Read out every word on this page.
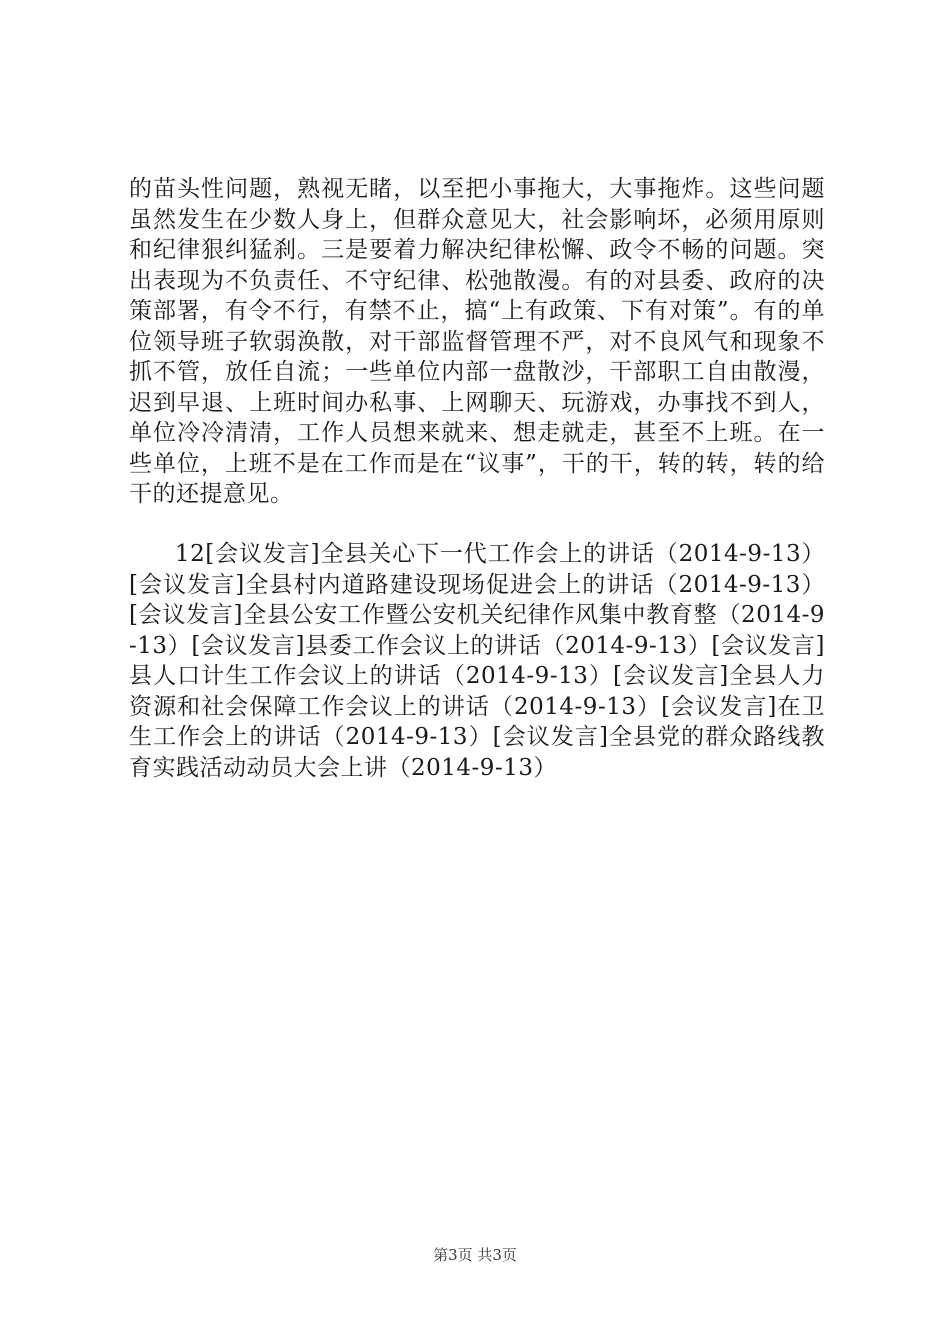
的苗头性问题，熟视无睹，以至把小事拖大，大事拖炸。这些问题虽然发生在少数人身上，但群众意见大，社会影响坏，必须用原则和纪律狠纠猛刹。三是要着力解决纪律松懈、政令不畅的问题。突出表现为不负责任、不守纪律、松弛散漫。有的对县委、政府的决策部署，有令不行，有禁不止，搞“上有政策、下有对策”。有的单位领导班子软弱涣散，对干部监督管理不严，对不良风气和现象不抓不管，放任自流；一些单位内部一盘散沙，干部职工自由散漫，迟到早退、上班时间办私事、上网聊天、玩游戏，办事找不到人，单位冷冷清清，工作人员想来就来、想走就走，甚至不上班。在一些单位，上班不是在工作而是在“议事”，干的干，转的转，转的给干的还提意见。

12[会议发言]全县关心下一代工作会上的讲话（2014-9-13）[会议发言]全县村内道路建设现场促进会上的讲话（2014-9-13）[会议发言]全县公安工作暨公安机关纪律作风集中教育整（2014-9-13）[会议发言]县委工作会议上的讲话（2014-9-13）[会议发言]县人口计生工作会议上的讲话（2014-9-13）[会议发言]全县人力资源和社会保障工作会议上的讲话（2014-9-13）[会议发言]在卫生工作会上的讲话（2014-9-13）[会议发言]全县党的群众路线教育实践活动动员大会上讲（2014-9-13）

第3页 共3页
